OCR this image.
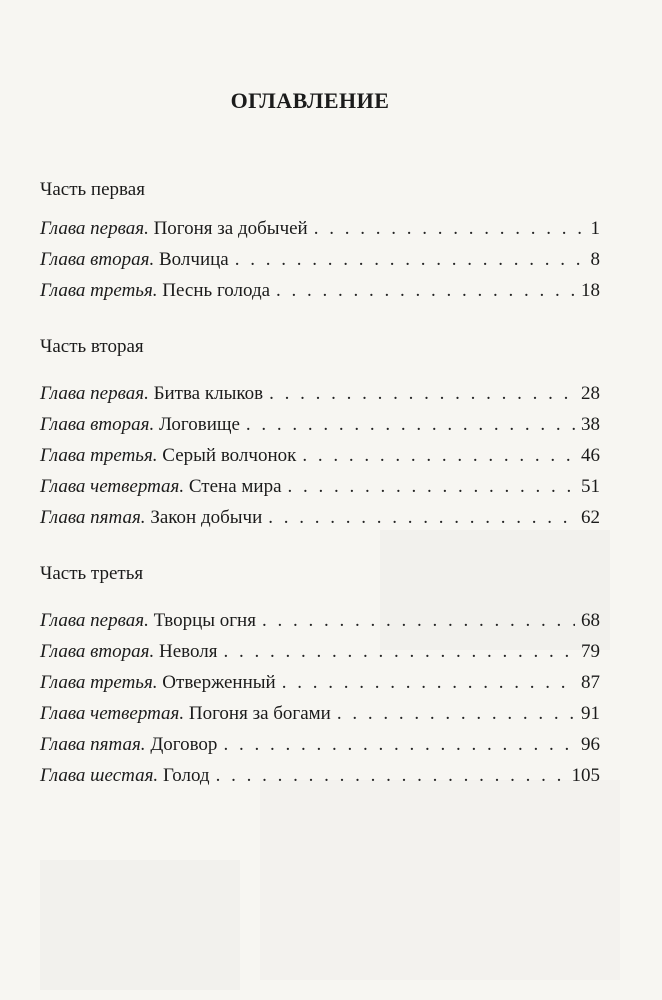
ОГЛАВЛЕНИЕ
Часть первая
Глава первая. Погоня за добычей . . .	1
Глава вторая. Волчица . . .	8
Глава третья. Песнь голода . . .	18
Часть вторая
Глава первая. Битва клыков . . .	28
Глава вторая. Логовище . . .	38
Глава третья. Серый волчонок . . .	46
Глава четвертая. Стена мира . . .	51
Глава пятая. Закон добычи . . .	62
Часть третья
Глава первая. Творцы огня . . .	68
Глава вторая. Неволя . . .	79
Глава третья. Отверженный . . .	87
Глава четвертая. Погоня за богами . . .	91
Глава пятая. Договор . . .	96
Глава шестая. Голод . . .	105
